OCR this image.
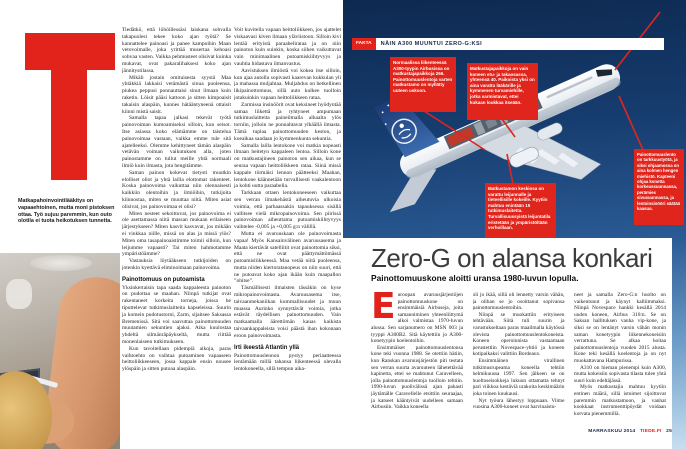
Matkapahoinvointilääkitys on vapaaehtoinen, mutta moni pistoksen ottaa. Työ sujuu paremmin, kun outo olotila ei tuota heikotuksen tunnetta.

Tiedätkö, että löhöillessäsi laiskana sohvalla takapuolesi tekee koko ajan työtä? Se kannattelee painoasi ja panee kampoihin Maan vetovoimalle, joka yrittää musertaa kehoasi sohvaa vasten. Vaikka pehmusteet olisivat kuinka mukavat, ovat pakaralihaksesi koko ajan jännitystilassa.

Mikäli jostain omituisesta syystä Maa yhtäkkiä lakkaisi vetämästä sinua puoleensa, piukea peppusi ponnauttaisi sinut ilmaan kuin raketin. Löisit pääsi kattoon ja sitten kimpoaisit takaisin alaspäin, kunnes hätääntyneenä ottaisit kiinni mistä saisit.

Samalla tapaa jalkasi tekevät työtä painovoiman kumoamiseksi silloin, kun seisot. Itse asiassa koko elämämme on taistelua painovoimaa vastaan, vaikka emme tule sitä ajatelleeksi. Olemme kehittyneet tämän alaspäin vetävän voiman vaikutuksen alla, joten painostamme on tullut meille yhtä normaali ilmiö kuin ilmasta, jota hengitämme.

Saman painon kokevat tietysti muutkin elolliset oliot ja yhtä lailla elottomat rakenteet. Koska painovoima vaikuttaa niin olennaisesti kaikkiin olentoihin ja ilmiöihin, tutkijoita kiinnostaa, miten se muuttaa niitä. Miten asiat olisivat, jos painovoimaa ei olisi?

Miten nesteet sekoittuvat, jos painovoima ei ole asettamassa niitä massan mukaan erilaiseen järjestykseen? Miten kasvit kasvavat, jos mikään ei vinkkaa niille, missä on alas ja missä ylös? Miten oma tasapainoaistimme toimii silloin, kun leijumme vapaasti? Tai miten hahmotamme ympäristöämme?

Vastauksia löytääkseen tutkijoiden on jotenkin kyettävä eliminoimaan painovoima.

Painottomuus on putoamista

Yksinkertaisin tapa saada kappaleesta painoton on pudottaa se maahan. Niinpä tutkijat ovat rakentaneet korkeita torneja, joissa he tiputtelevat tutkimuslaitteita kapseleissa. Suurin ja komein pudotustorni, Zarm, sijaitsee Saksassa Bremenissä. Sitä voi saavuttaa painottomuuden muutamien sekuntien ajaksi. Aika kuulostaa yhdeltä silmänräpäykseltä, mutta riittää monenlaiseen tutkimukseen.

Kun tavoitellaan pidempiä aikoja, paras vaihtoehto on vaihtaa putoaminen vapaaseen heittoliikkeeseen, jossa kappale ensin nousee ylöspäin ja sitten putoaa alaspäin.

Voit kuvitella vapaan heittoliikkeen, jos ajattelet viskaavasi kiven ilmaan yläviistoon. Silloin kivi lentää erityistä paraabelirataa ja on niin painoton kuin suinkin, koska siihen vaikuttavat vain minimaalinen putoamiskiihtyvyys ja vauhtia hidastava ilmanvastus.

Aavistuksen ilmiöstä voi kokea itse silloin, kun ajaa autolla sopivasti kaarevan kukkulan yli ja mahassa muljahtaa. Muljahdus on hetkellinen likipainottomuus, sillä auto kulkee tuolloin jotakuinkin vapaan heittoliikkeen rataa.

Zarmissa insinöörit ovat keksineet hyödyntää samaa liikettä ja ryhtyneet ampumaan tutkimuslaitteita paineilmalla alhaalta ylös torniin, jolloin ne ponnahtavat ylhäällä ilmasta. Tämä tuplaa painottomuuden keston, ja koeaikaa saadaan jo kymmenkunta sekuntia.

Samalla lailla lentokone voi matkia nopeasti ilmaan heitetyn kappaleen lentoa. Silloin kone on matkustajineen painoton sen aikaa, kun se seuraa vapaan heittoliikkeen rataa. Siinä missä kappale törmäisi lennon päätteeksi Maahan, lentokone käännetään turvallisesti vaakalentoon ja kohti uutta paraabelia.

Tarkkaan ottaen lentokoneeseen vaikuttaa sen verran ilmakehästä aiheutuvia ulkoisia voimia, että parhaassakin tapauksessa sisällä vallitsee vielä mikropainovoima. Sen piirissä painovoiman aiheuttama putoamiskiihtyvyys vaihtelee -0,005 ja +0,005 g:n välillä.

Mutta ei avaruuskaan ole painovoimasta vapaa! Myös Kansainvälinen avaruusasema ja Maata kiertävät satelliitit ovat painottomia siksi, että ne ovat päättymättömässä putoamisliikkeessä. Maa vetää niitä puoleensa, mutta niiden kiertoratanopeus on niin suuri, että ne putoavat koko ajan ikään kuin maapallon ”ohitse”.

Täsmällisesti ilmaisten tässäkin on kyse mikropainovoimasta. Avaruusasema itse, taivaanmekaniikan kummallisuudet ja muun muassa Aurinko synnyttävät voimia, jotka estävät täydellisen painottomuuden. Vain matkaamalla äärettömän kauas kaikista taivaankappaleista voisi päästä ihan kokonaan eroon painovoimasta.

Irti ikeestä Atlantin yllä

Painottomuuslennon pystyy periaatteessa lentämään millä tahansa liikenteessä olevalla lentokoneella, sillä tempun aika-

FAKTA	NÄIN A300 MUUNTUI ZERO-G:KSI
Normaalissa liikenteessä A300-tyypin Airbusissa on matkustajapaikkoja 266. Painottomuuslentoja varten matkustamo on myllätty uuteen uskoon.
Matkustajapaikkoja on vain koneen etu- ja takaosassa, yhteensä 40. Paikoista yksi on aina varattu lääkärille ja kymmenen turvamiehille, jotka varmistavat, ettei kukaan loukkaa itseään.
Painottomuuslento on tarkkuustyötä, ja siksi ohjaamossa on aina kolmen hengen miehistö. Kapteeni ohjaa konetta korkeussuunnassa, perämies sivusuunnassa, ja lentoinsinööri säätää kaasua.
Matkustamon keskiosa on varattu leijunnalle ja tieteellisille kokeille. Kyytiin mahtuu enintään 15 tutkimuslaitetta. Turvallisuussyistä leijuntatila eristetään ja ympäristöltään verhoillaan.
Zero-G on alansa konkari
Painottomuuskone aloitti uransa 1980-luvun lopulla.

Euroopan avaruusjärjestöjen painottomuuskone on ensimmäisiä Airbuseja, joita samanniminen yhteenliittymä alkoi valmistaa 1970-luvun alussa. Sen sarjanumero on MSN 003 ja tyyppi A300B2. Sitä käytettiin jo A300-konetyypin koelentoihin.

Ensimmäiset painottomuuslentonsa kone teki vuonna 1988. Se otettiin hätiin, kun Ranskan avaruusjärjestön piti testata sen verran suurta avaruuteen lähetettävää kapinetta, ettei se mahtunut Caravelleen, jolla painottomuuslentoja tuolloin tehtiin. 1990-luvun puolivälissä ajan pahasti jäytämälle Caravellelle etsittiin seuraajaa, ja katseet kääntyivät uudelleen samaan Airbusiin. Vaikka koneella

oli jo ikää, sillä oli lennetty varsin vähän, ja olihan se jo osoittanut sopivansa painottomuuslentoihin.

Niinpä se muokattiin erityiseen tehtävään. Siitä tuli suurin ja varustukseltaan paras maailmalla käytössä olevista painottomuuslentokoneista. Koneen operoinnista vastaamaan perustettiin Novespace-yhtiö ja koneen kotipaikaksi valittiin Bordeaux.

Ensimmäinen virallinen tutkimusrupeama koneella tehtiin helmikuussa 1997. Sen jälkeen se on huoltoseisokkeja lukuun ottamatta tehnyt pari viikkoa kestäviä urakoita keskimäärin joka toinen kuukausi.

Nyt työura lähestyy loppuaan. Viime vuosina A300-koneet ovat harvinaistu-

neet ja samalla Zero-G:n huolto on vaikeutunut ja käynyt kalliimmaksi. Niinpä Novespace hankki kesällä 2014 uuden koneen, Airbus 310:n. Se on Saksan hallituksen vanha vip-kone, ja siksi se on lentänyt varsin vähän monin saman konetyypin liikennekoneisiin verrattuna. Se alkaa hoitaa painottomuuslentoja vuoden 2015 alusta. Kone teki kesällä koelentoja ja on nyt muokattavana Hampurissa.

A310 on hieman pienempi kuin A300, mutta kokeisiin sopivasta tilasta tulee yhtä suuri kuin edeltäjässä.

Myös matkustajia mahtuu kyytiin entinen määrä, sillä istuimet sijoittuvat paremmin matkustamoon, ja vanhat kookkaat instrumenttipöydät voidaan korvata pienemmillä.

MARRASKUU 2014 TIEDE.FI 25
